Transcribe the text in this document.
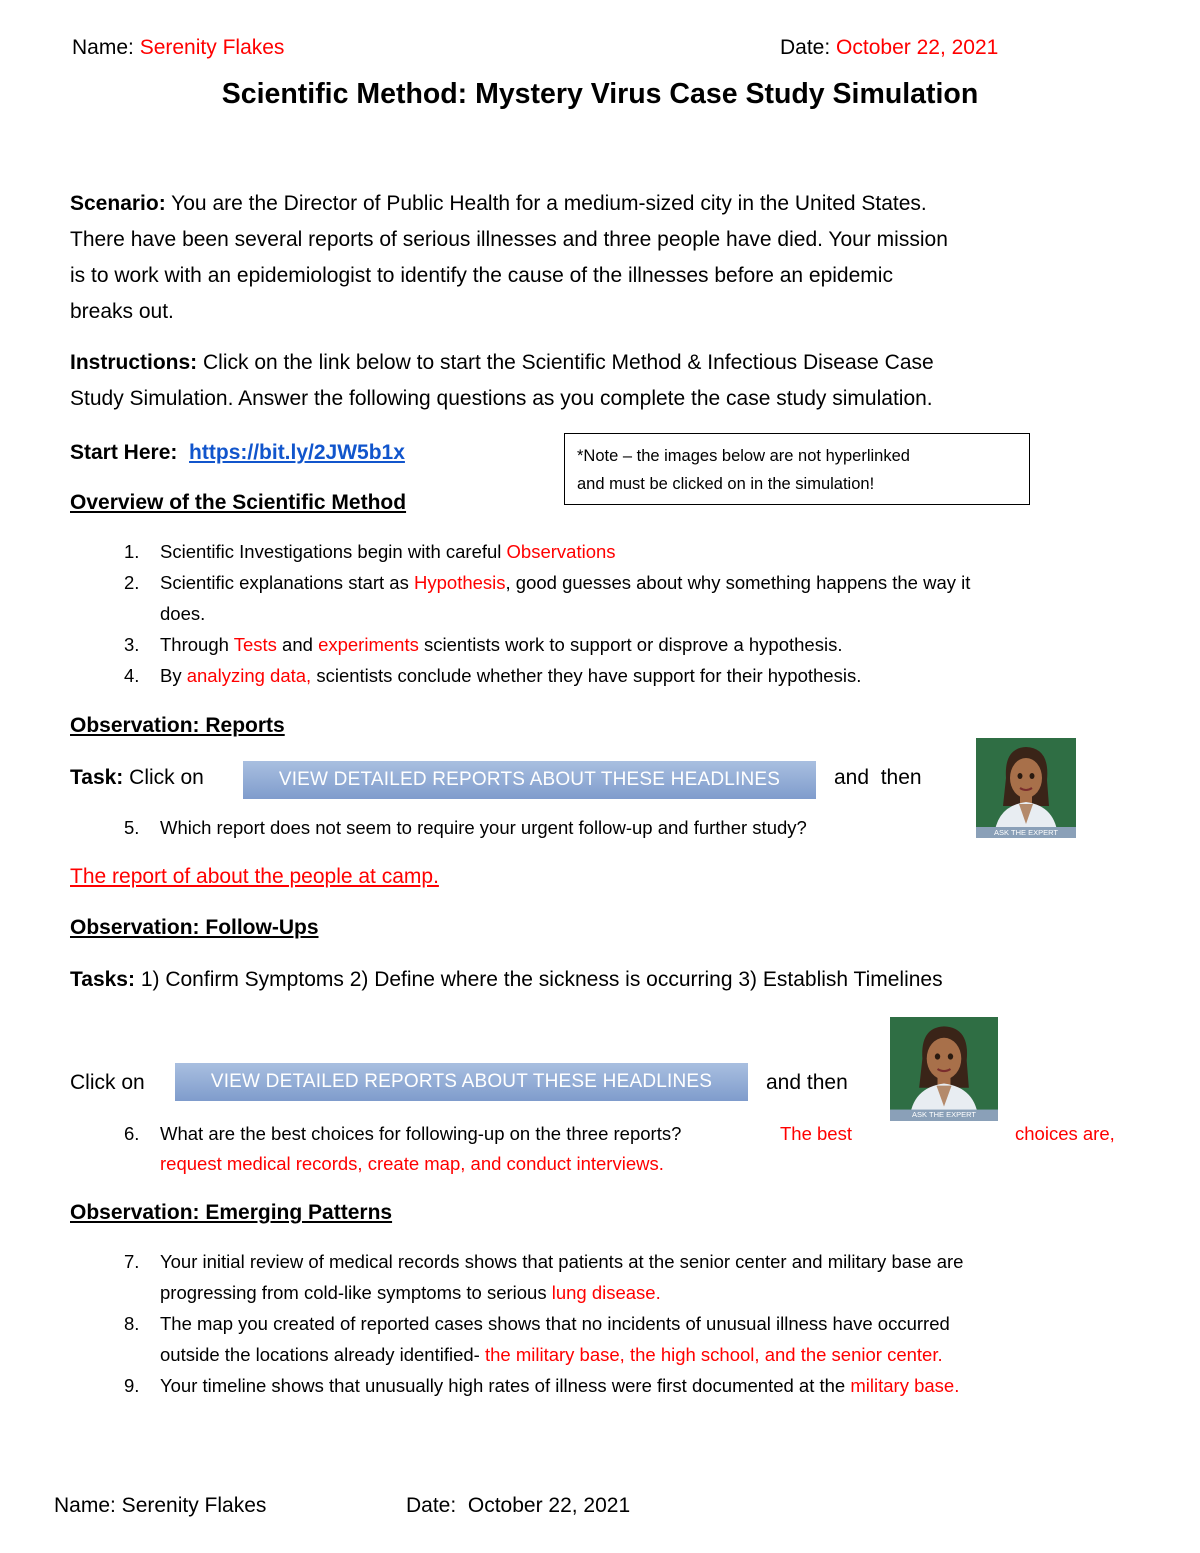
Name: Serenity Flakes	Date: October 22, 2021
Scientific Method: Mystery Virus Case Study Simulation
Scenario: You are the Director of Public Health for a medium-sized city in the United States.
There have been several reports of serious illnesses and three people have died. Your mission
is to work with an epidemiologist to identify the cause of the illnesses before an epidemic
breaks out.
Instructions: Click on the link below to start the Scientific Method & Infectious Disease Case
Study Simulation. Answer the following questions as you complete the case study simulation.
Start Here: https://bit.ly/2JW5b1x	*Note – the images below are not hyperlinked
and must be clicked on in the simulation!
Overview of the Scientific Method
1. Scientific Investigations begin with careful Observations
2. Scientific explanations start as Hypothesis, good guesses about why something happens the way it
does.
3. Through Tests and experiments scientists work to support or disprove a hypothesis.
4. By analyzing data, scientists conclude whether they have support for their hypothesis.
Observation: Reports
Task: Click on	VIEW DETAILED REPORTS ABOUT THESE HEADLINES	and  then
ASK THE EXPERT
5. Which report does not seem to require your urgent follow-up and further study?
The report of about the people at camp.
Observation: Follow-Ups
Tasks: 1) Confirm Symptoms 2) Define where the sickness is occurring 3) Establish Timelines
Click on	VIEW DETAILED REPORTS ABOUT THESE HEADLINES	and then
ASK THE EXPERT
6. What are the best choices for following-up on the three reports?	The best	choices are,
request medical records, create map, and conduct interviews.
Observation: Emerging Patterns
7. Your initial review of medical records shows that patients at the senior center and military base are
progressing from cold-like symptoms to serious lung disease.
8. The map you created of reported cases shows that no incidents of unusual illness have occurred
outside the locations already identified- the military base, the high school, and the senior center.
9. Your timeline shows that unusually high rates of illness were first documented at the military base.
Name: Serenity Flakes	Date:  October 22, 2021
